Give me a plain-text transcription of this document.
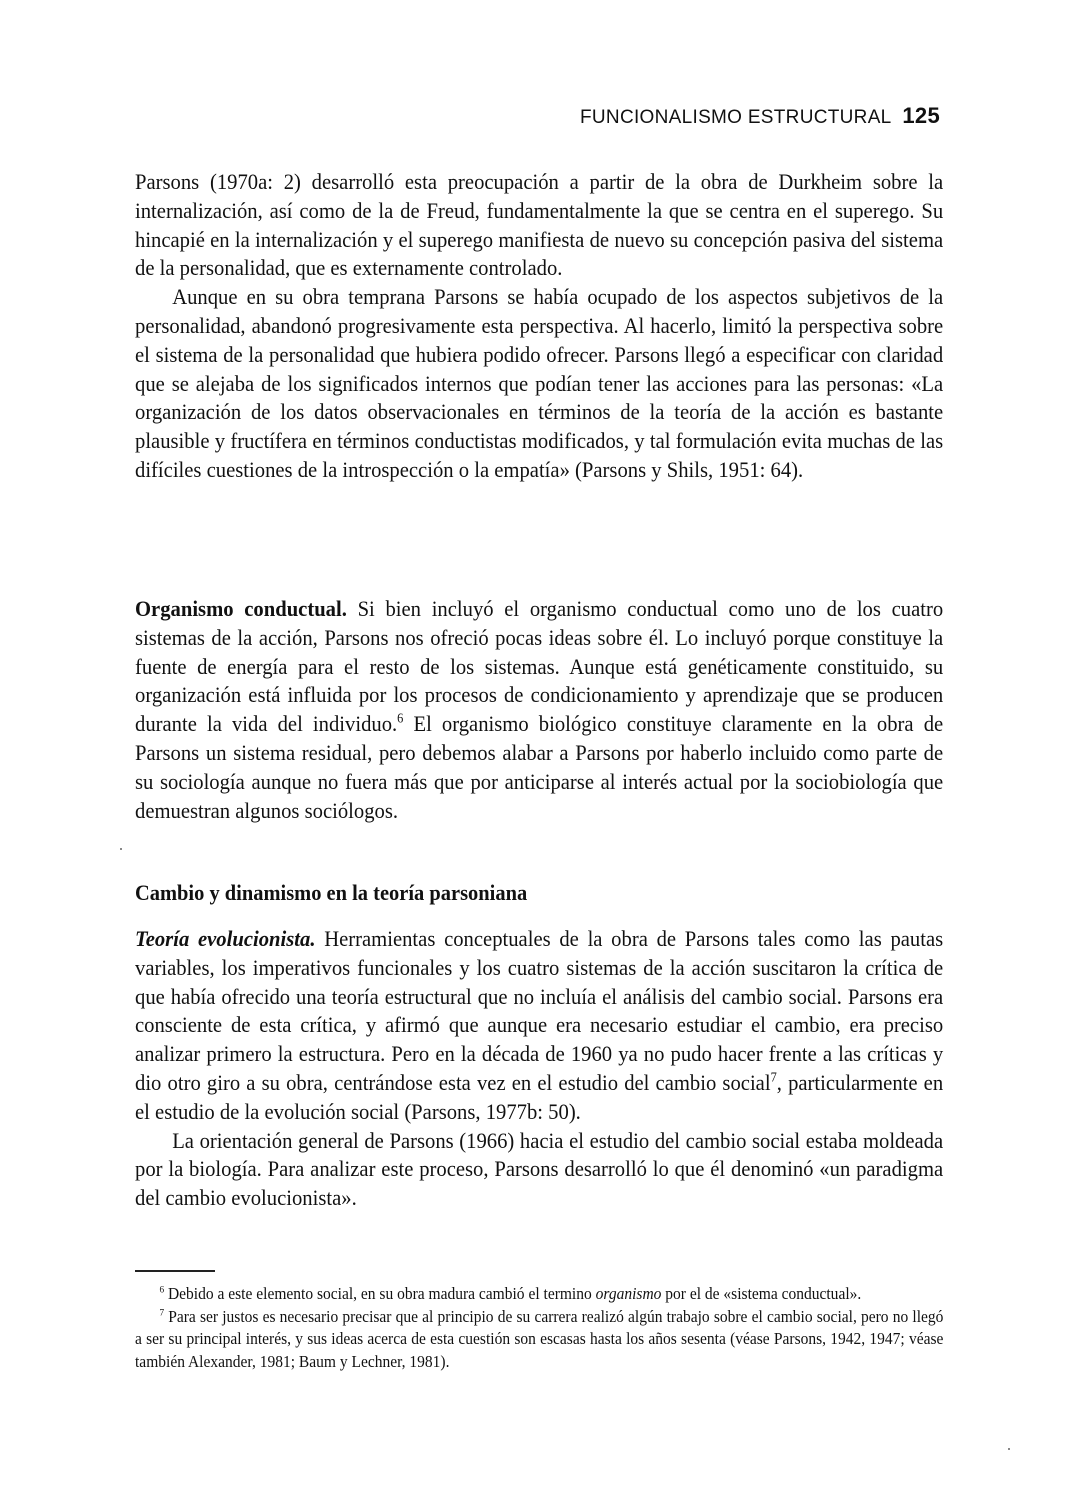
FUNCIONALISMO ESTRUCTURAL 125

Parsons (1970a: 2) desarrolló esta preocupación a partir de la obra de Durkheim sobre la internalización, así como de la de Freud, fundamentalmente la que se centra en el superego. Su hincapié en la internalización y el superego manifiesta de nuevo su concepción pasiva del sistema de la personalidad, que es externamente controlado.

Aunque en su obra temprana Parsons se había ocupado de los aspectos subjetivos de la personalidad, abandonó progresivamente esta perspectiva. Al hacerlo, limitó la perspectiva sobre el sistema de la personalidad que hubiera podido ofrecer. Parsons llegó a especificar con claridad que se alejaba de los significados internos que podían tener las acciones para las personas: «La organización de los datos observacionales en términos de la teoría de la acción es bastante plausible y fructífera en términos conductistas modificados, y tal formulación evita muchas de las difíciles cuestiones de la introspección o la empatía» (Parsons y Shils, 1951: 64).

Organismo conductual. Si bien incluyó el organismo conductual como uno de los cuatro sistemas de la acción, Parsons nos ofreció pocas ideas sobre él. Lo incluyó porque constituye la fuente de energía para el resto de los sistemas. Aunque está genéticamente constituido, su organización está influida por los procesos de condicionamiento y aprendizaje que se producen durante la vida del individuo.$^6$ El organismo biológico constituye claramente en la obra de Parsons un sistema residual, pero debemos alabar a Parsons por haberlo incluido como parte de su sociología aunque no fuera más que por anticiparse al interés actual por la sociobiología que demuestran algunos sociólogos.

Cambio y dinamismo en la teoría parsoniana

Teoría evolucionista. Herramientas conceptuales de la obra de Parsons tales como las pautas variables, los imperativos funcionales y los cuatro sistemas de la acción suscitaron la crítica de que había ofrecido una teoría estructural que no incluía el análisis del cambio social. Parsons era consciente de esta crítica, y afirmó que aunque era necesario estudiar el cambio, era preciso analizar primero la estructura. Pero en la década de 1960 ya no pudo hacer frente a las críticas y dio otro giro a su obra, centrándose esta vez en el estudio del cambio social$^7$, particularmente en el estudio de la evolución social (Parsons, 1977b: 50).

La orientación general de Parsons (1966) hacia el estudio del cambio social estaba moldeada por la biología. Para analizar este proceso, Parsons desarrolló lo que él denominó «un paradigma del cambio evolucionista».

$^6$ Debido a este elemento social, en su obra madura cambió el termino organismo por el de «sistema conductual».

$^7$ Para ser justos es necesario precisar que al principio de su carrera realizó algún trabajo sobre el cambio social, pero no llegó a ser su principal interés, y sus ideas acerca de esta cuestión son escasas hasta los años sesenta (véase Parsons, 1942, 1947; véase también Alexander, 1981; Baum y Lechner, 1981).
